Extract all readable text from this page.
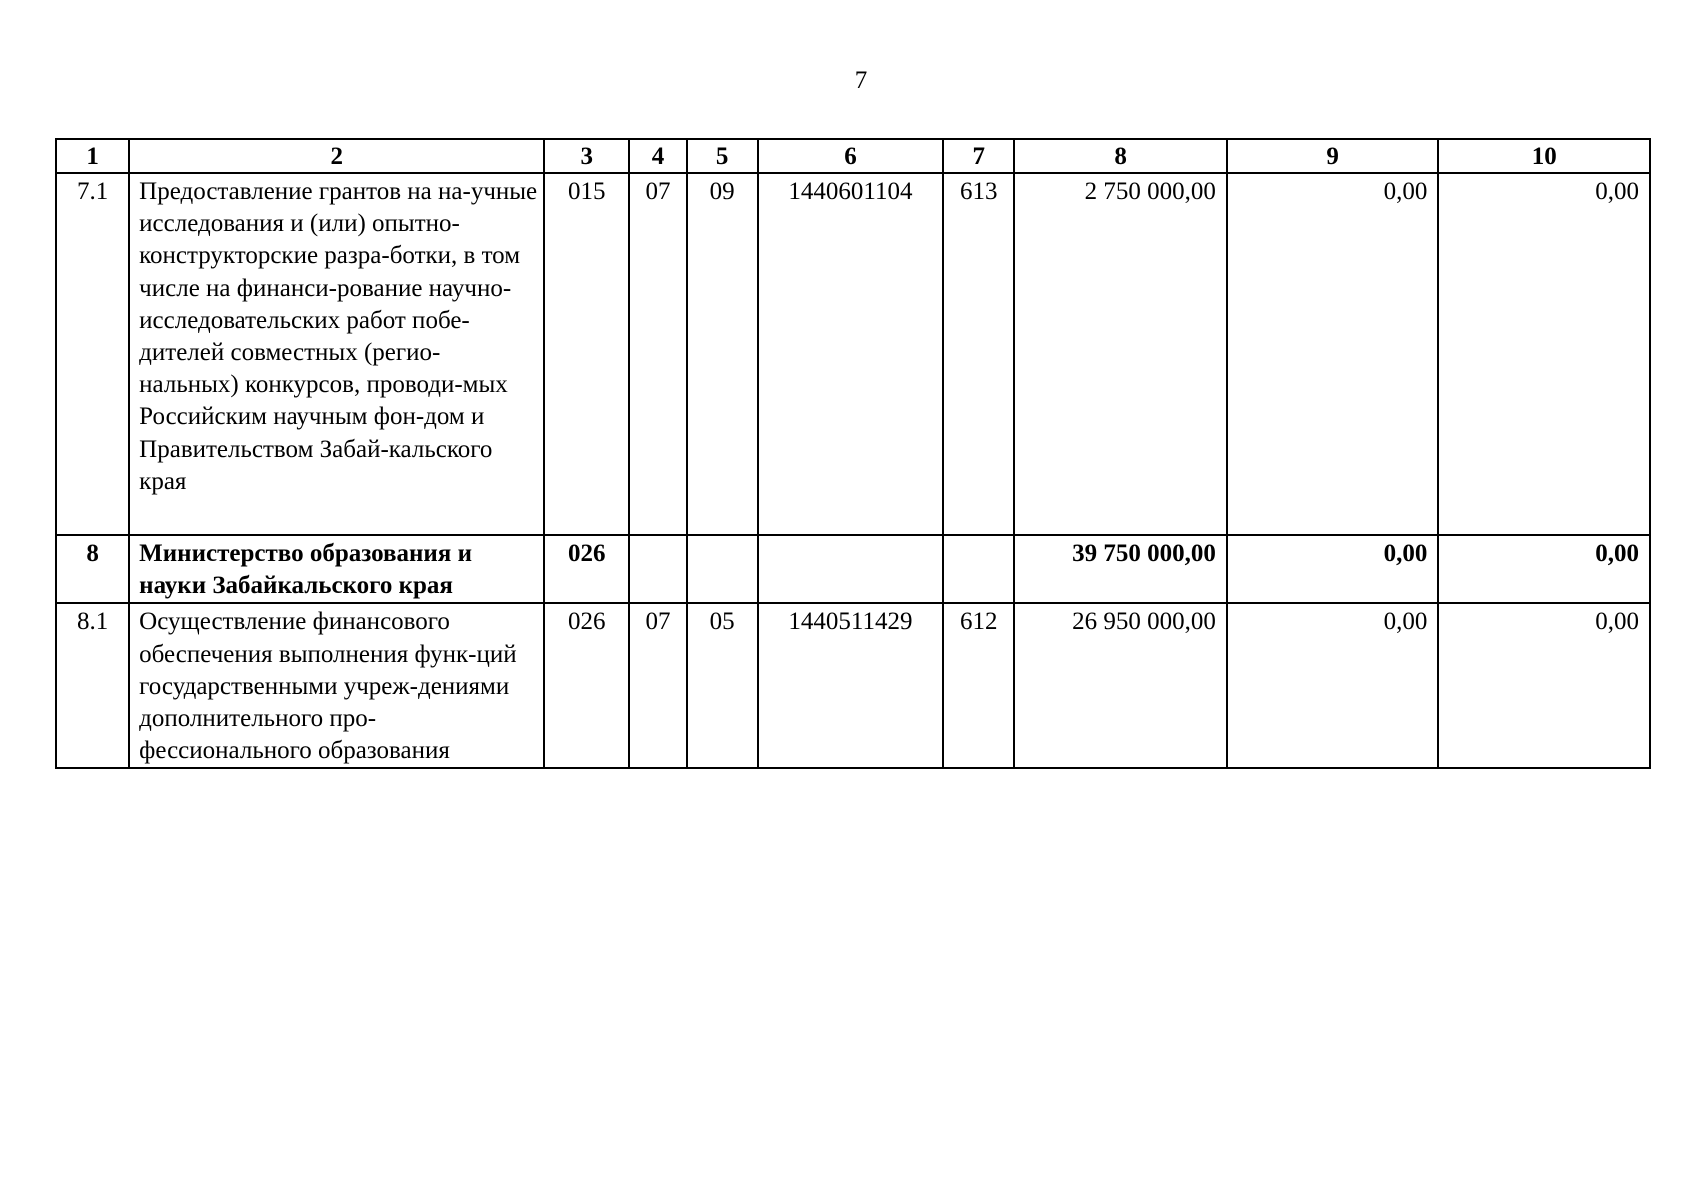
7
1	2	3	4	5	6	7	8	9	10
7.1	Предоставление грантов на на-учные исследования и (или) опытно-конструкторские разра-ботки, в том числе на финанси-рование научно-исследовательских работ побе-дителей совместных (регио-нальных) конкурсов, проводи-мых Российским научным фон-дом и Правительством Забай-кальского края	015	07	09	1440601104	613	2 750 000,00	0,00	0,00
8	Министерство образования и науки Забайкальского края	026					39 750 000,00	0,00	0,00
8.1	Осуществление финансового обеспечения выполнения функ-ций государственными учреж-дениями дополнительного про-фессионального образования	026	07	05	1440511429	612	26 950 000,00	0,00	0,00
